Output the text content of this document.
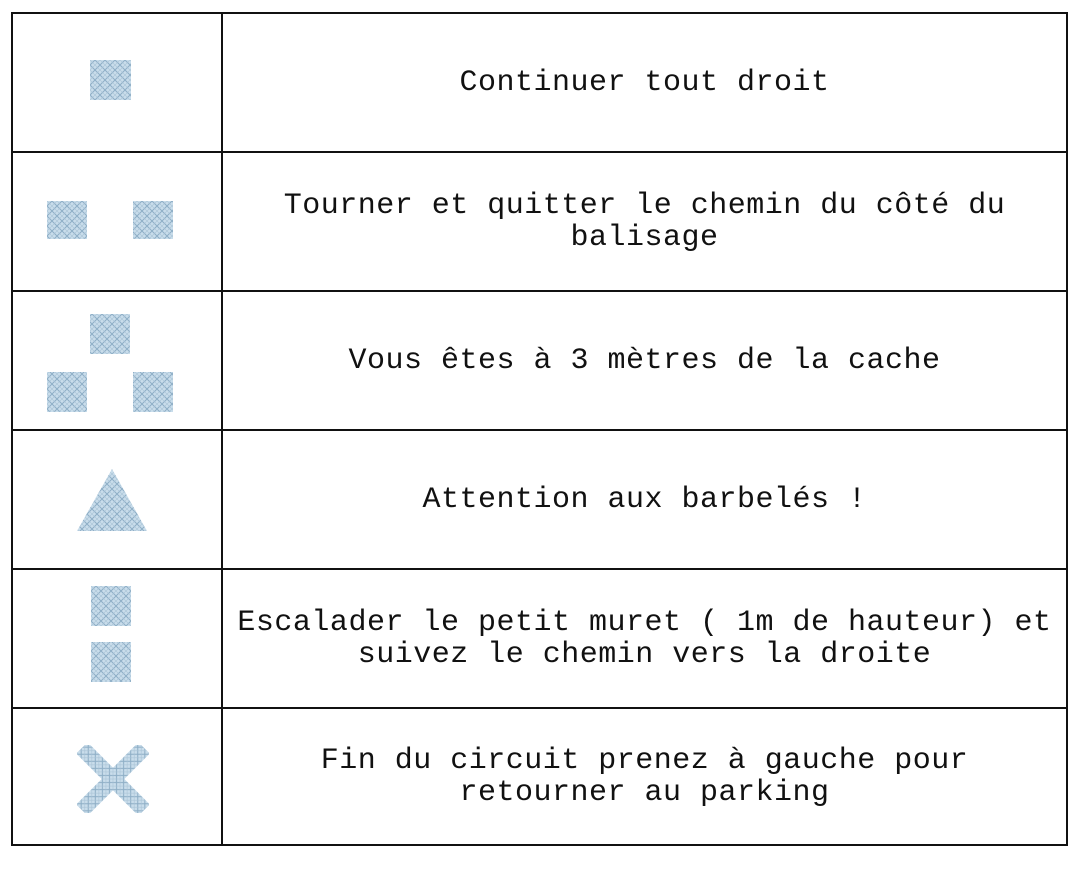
	Continuer tout droit

	Tourner et quitter le chemin du côté du balisage

	Vous êtes à 3 mètres de la cache

	Attention aux barbelés !

	Escalader le petit muret ( 1m de hauteur) et suivez le chemin vers la droite

	Fin du circuit prenez à gauche pour retourner au parking
